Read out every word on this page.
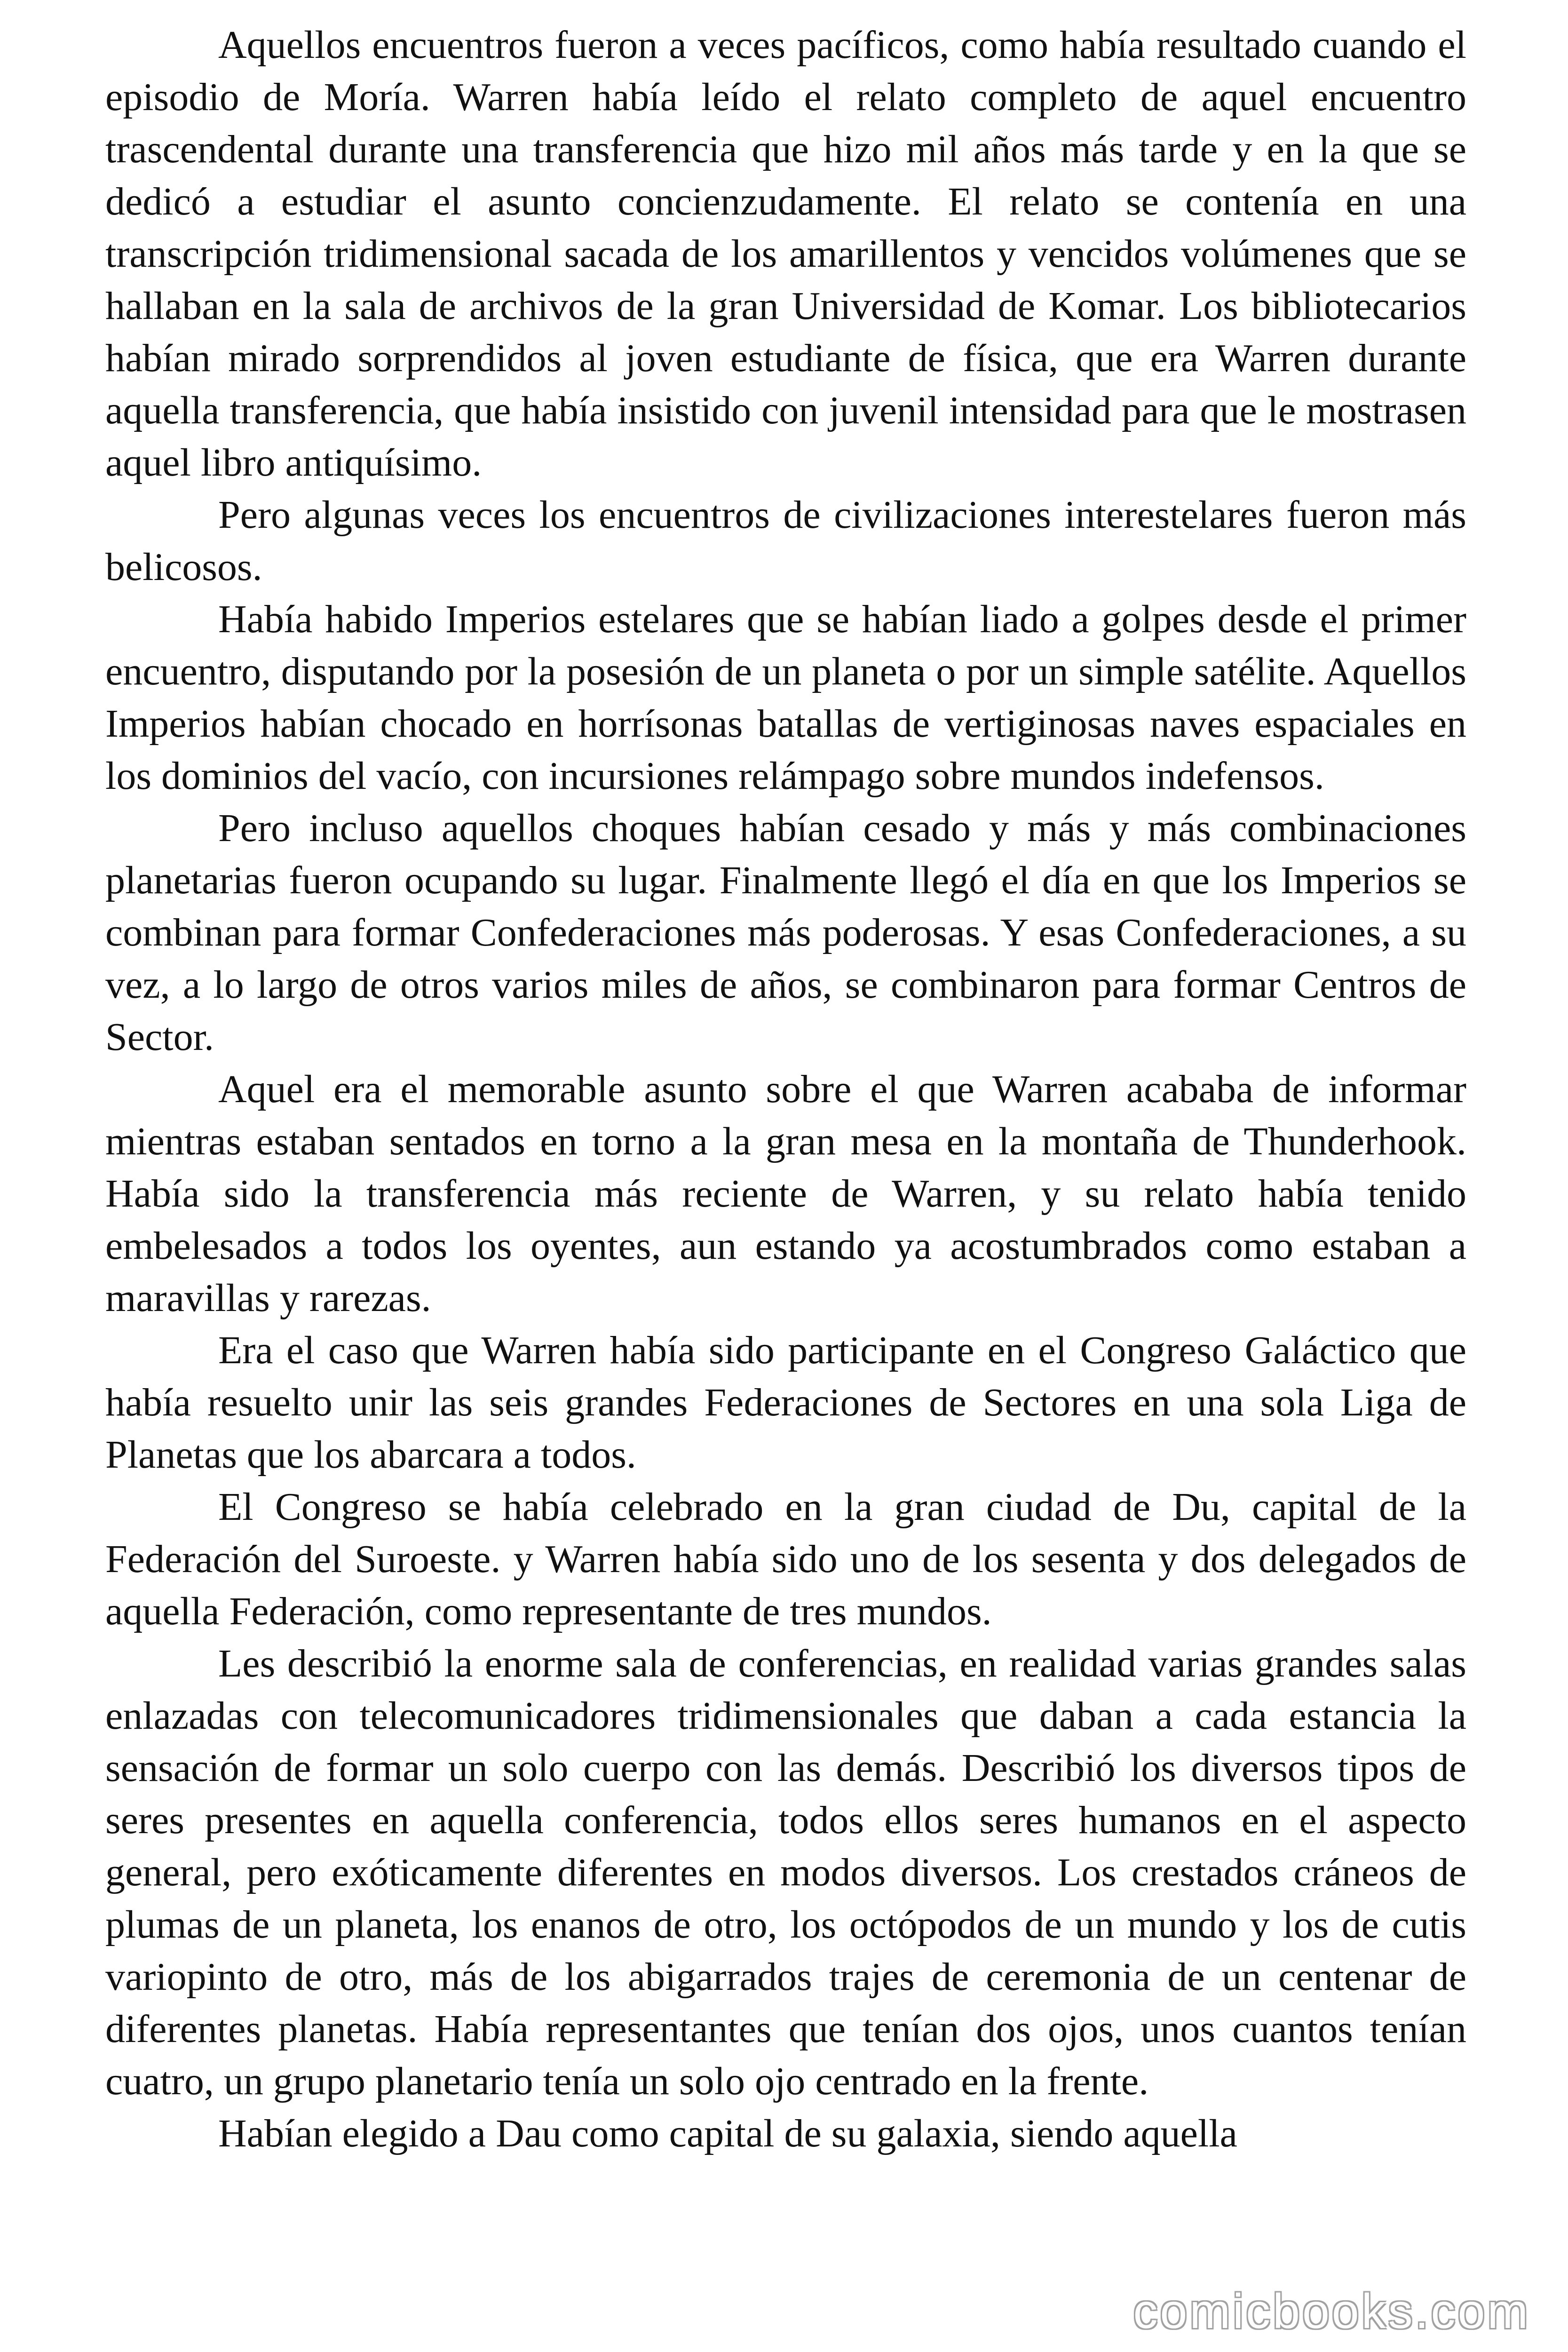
Aquellos encuentros fueron a veces pacíficos, como había resultado cuando el episodio de Moría. Warren había leído el relato completo de aquel encuentro trascendental durante una transferencia que hizo mil años más tarde y en la que se dedicó a estudiar el asunto concienzudamente. El relato se contenía en una transcripción tridimensional sacada de los amarillentos y vencidos volúmenes que se hallaban en la sala de archivos de la gran Universidad de Komar. Los bibliotecarios habían mirado sorprendidos al joven estudiante de física, que era Warren durante aquella transferencia, que había insistido con juvenil intensidad para que le mostrasen aquel libro antiquísimo.

Pero algunas veces los encuentros de civilizaciones interestelares fueron más belicosos.

Había habido Imperios estelares que se habían liado a golpes desde el primer encuentro, disputando por la posesión de un planeta o por un simple satélite. Aquellos Imperios habían chocado en horrísonas batallas de vertiginosas naves espaciales en los dominios del vacío, con incursiones relámpago sobre mundos indefensos.

Pero incluso aquellos choques habían cesado y más y más combinaciones planetarias fueron ocupando su lugar. Finalmente llegó el día en que los Imperios se combinan para formar Confederaciones más poderosas. Y esas Confederaciones, a su vez, a lo largo de otros varios miles de años, se combinaron para formar Centros de Sector.

Aquel era el memorable asunto sobre el que Warren acababa de informar mientras estaban sentados en torno a la gran mesa en la montaña de Thunderhook. Había sido la transferencia más reciente de Warren, y su relato había tenido embelesados a todos los oyentes, aun estando ya acostumbrados como estaban a maravillas y rarezas.

Era el caso que Warren había sido participante en el Congreso Galáctico que había resuelto unir las seis grandes Federaciones de Sectores en una sola Liga de Planetas que los abarcara a todos.

El Congreso se había celebrado en la gran ciudad de Du, capital de la Federación del Suroeste. y Warren había sido uno de los sesenta y dos delegados de aquella Federación, como representante de tres mundos.

Les describió la enorme sala de conferencias, en realidad varias grandes salas enlazadas con telecomunicadores tridimensionales que daban a cada estancia la sensación de formar un solo cuerpo con las demás. Describió los diversos tipos de seres presentes en aquella conferencia, todos ellos seres humanos en el aspecto general, pero exóticamente diferentes en modos diversos. Los crestados cráneos de plumas de un planeta, los enanos de otro, los octópodos de un mundo y los de cutis variopinto de otro, más de los abigarrados trajes de ceremonia de un centenar de diferentes planetas. Había representantes que tenían dos ojos, unos cuantos tenían cuatro, un grupo planetario tenía un solo ojo centrado en la frente.

Habían elegido a Dau como capital de su galaxia, siendo aquella

comicbooks.com
